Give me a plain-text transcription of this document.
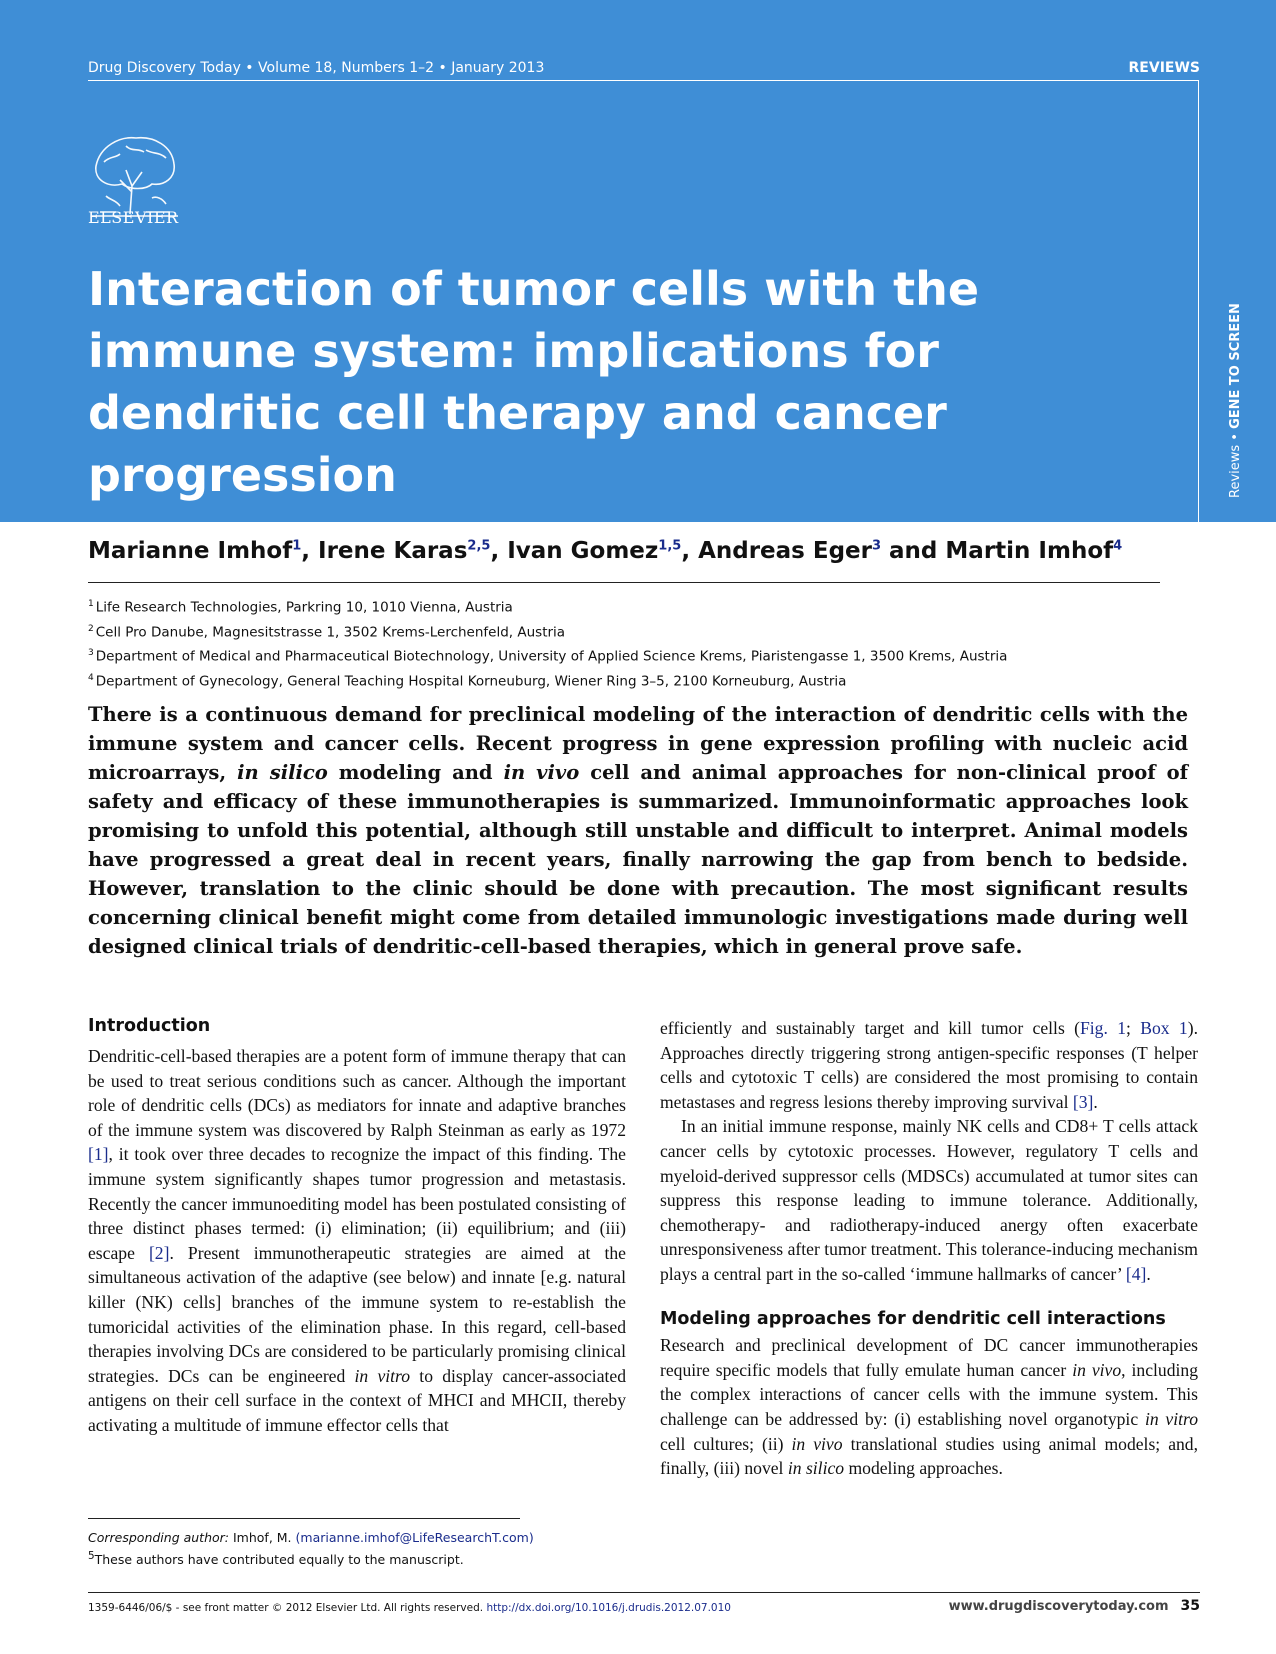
Drug Discovery Today • Volume 18, Numbers 1–2 • January 2013	REVIEWS
ELSEVIER
Interaction of tumor cells with the immune system: implications for dendritic cell therapy and cancer progression	Reviews • GENE TO SCREEN
Marianne Imhof$^1$, Irene Karas$^{2,5}$, Ivan Gomez$^{1,5}$, Andreas Eger$^3$ and Martin Imhof$^4$
$^1$ Life Research Technologies, Parkring 10, 1010 Vienna, Austria
$^2$ Cell Pro Danube, Magnesitstrasse 1, 3502 Krems-Lerchenfeld, Austria
$^3$ Department of Medical and Pharmaceutical Biotechnology, University of Applied Science Krems, Piaristengasse 1, 3500 Krems, Austria
$^4$ Department of Gynecology, General Teaching Hospital Korneuburg, Wiener Ring 3–5, 2100 Korneuburg, Austria

There is a continuous demand for preclinical modeling of the interaction of dendritic cells with the immune system and cancer cells. Recent progress in gene expression profiling with nucleic acid microarrays, in silico modeling and in vivo cell and animal approaches for non-clinical proof of safety and efficacy of these immunotherapies is summarized. Immunoinformatic approaches look promising to unfold this potential, although still unstable and difficult to interpret. Animal models have progressed a great deal in recent years, finally narrowing the gap from bench to bedside. However, translation to the clinic should be done with precaution. The most significant results concerning clinical benefit might come from detailed immunologic investigations made during well designed clinical trials of dendritic-cell-based therapies, which in general prove safe.

Introduction

Dendritic-cell-based therapies are a potent form of immune therapy that can be used to treat serious conditions such as cancer. Although the important role of dendritic cells (DCs) as mediators for innate and adaptive branches of the immune system was discovered by Ralph Steinman as early as 1972 [1], it took over three decades to recognize the impact of this finding. The immune system significantly shapes tumor progression and metastasis. Recently the cancer immunoediting model has been postulated consisting of three distinct phases termed: (i) elimination; (ii) equilibrium; and (iii) escape [2]. Present immunotherapeutic strategies are aimed at the simultaneous activation of the adaptive (see below) and innate [e.g. natural killer (NK) cells] branches of the immune system to re-establish the tumoricidal activities of the elimination phase. In this regard, cell-based therapies involving DCs are considered to be particularly promising clinical strategies. DCs can be engineered in vitro to display cancer-associated antigens on their cell surface in the context of MHCI and MHCII, thereby activating a multitude of immune effector cells that

efficiently and sustainably target and kill tumor cells (Fig. 1; Box 1). Approaches directly triggering strong antigen-specific responses (T helper cells and cytotoxic T cells) are considered the most promising to contain metastases and regress lesions thereby improving survival [3].

In an initial immune response, mainly NK cells and CD8+ T cells attack cancer cells by cytotoxic processes. However, regulatory T cells and myeloid-derived suppressor cells (MDSCs) accumulated at tumor sites can suppress this response leading to immune tolerance. Additionally, chemotherapy- and radiotherapy-induced anergy often exacerbate unresponsiveness after tumor treatment. This tolerance-inducing mechanism plays a central part in the so-called ‘immune hallmarks of cancer’ [4].

Modeling approaches for dendritic cell interactions

Research and preclinical development of DC cancer immunotherapies require specific models that fully emulate human cancer in vivo, including the complex interactions of cancer cells with the immune system. This challenge can be addressed by: (i) establishing novel organotypic in vitro cell cultures; (ii) in vivo translational studies using animal models; and, finally, (iii) novel in silico modeling approaches.

Corresponding author: Imhof, M. (marianne.imhof@LifeResearchT.com)
$^5$These authors have contributed equally to the manuscript.
1359-6446/06/$ - see front matter © 2012 Elsevier Ltd. All rights reserved. http://dx.doi.org/10.1016/j.drudis.2012.07.010	www.drugdiscoverytoday.com 35
